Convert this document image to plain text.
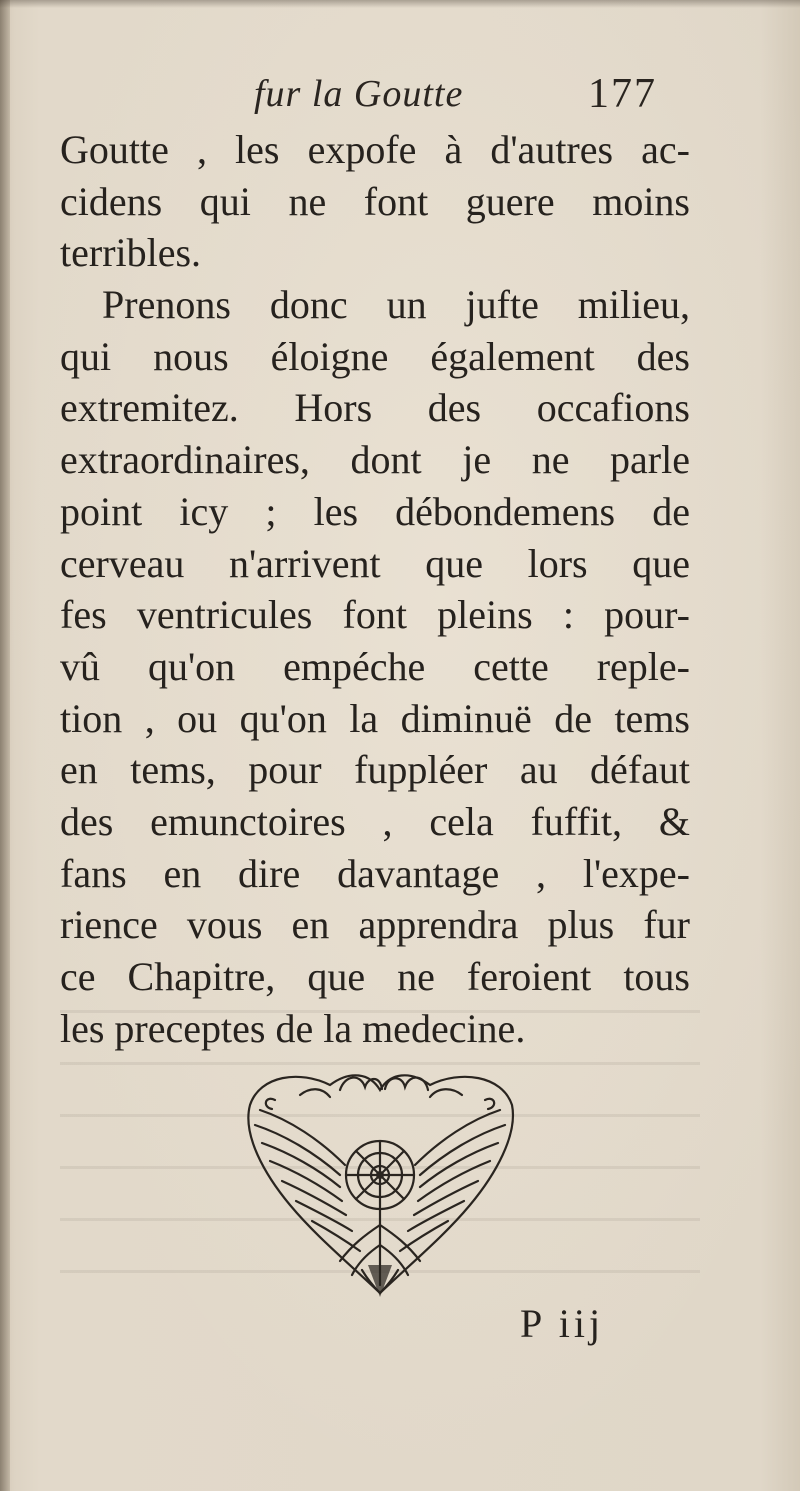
fur la Goutte	177
Goutte , les expofe à d'autres ac-
cidens qui ne font guere moins
terribles.
Prenons donc un jufte milieu,
qui nous éloigne également des
extremitez. Hors des occafions
extraordinaires, dont je ne parle
point icy ; les débondemens de
cerveau n'arrivent que lors que
fes ventricules font pleins : pour-
vû qu'on empéche cette reple-
tion , ou qu'on la diminuë de tems
en tems, pour fuppléer au défaut
des emunctoires , cela fuffit, &
fans en dire davantage , l'expe-
rience vous en apprendra plus fur
ce Chapitre, que ne feroient tous
les preceptes de la medecine.
P iij
